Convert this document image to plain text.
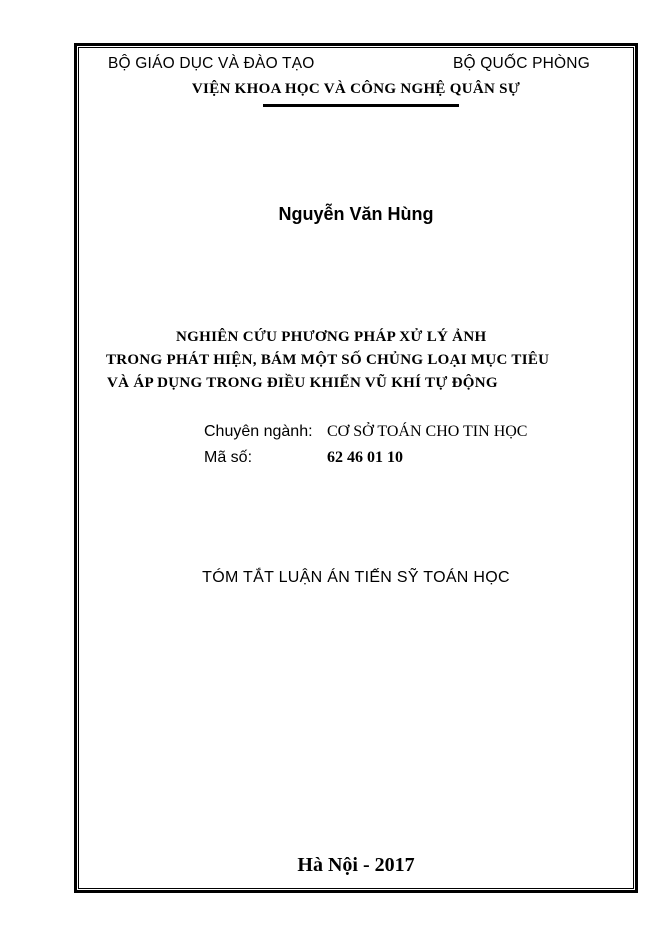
BỘ GIÁO DỤC VÀ ĐÀO TẠO	BỘ QUỐC PHÒNG
VIỆN KHOA HỌC VÀ CÔNG NGHỆ QUÂN SỰ
Nguyễn Văn Hùng
NGHIÊN CỨU PHƯƠNG PHÁP XỬ LÝ ẢNH
TRONG PHÁT HIỆN, BÁM MỘT SỐ CHỦNG LOẠI MỤC TIÊU
VÀ ÁP DỤNG TRONG ĐIỀU KHIỂN VŨ KHÍ TỰ ĐỘNG
Chuyên ngành: CƠ SỞ TOÁN CHO TIN HỌC
Mã số:	62 46 01 10
TÓM TẮT LUẬN ÁN TIẾN SỸ TOÁN HỌC
Hà Nội - 2017
